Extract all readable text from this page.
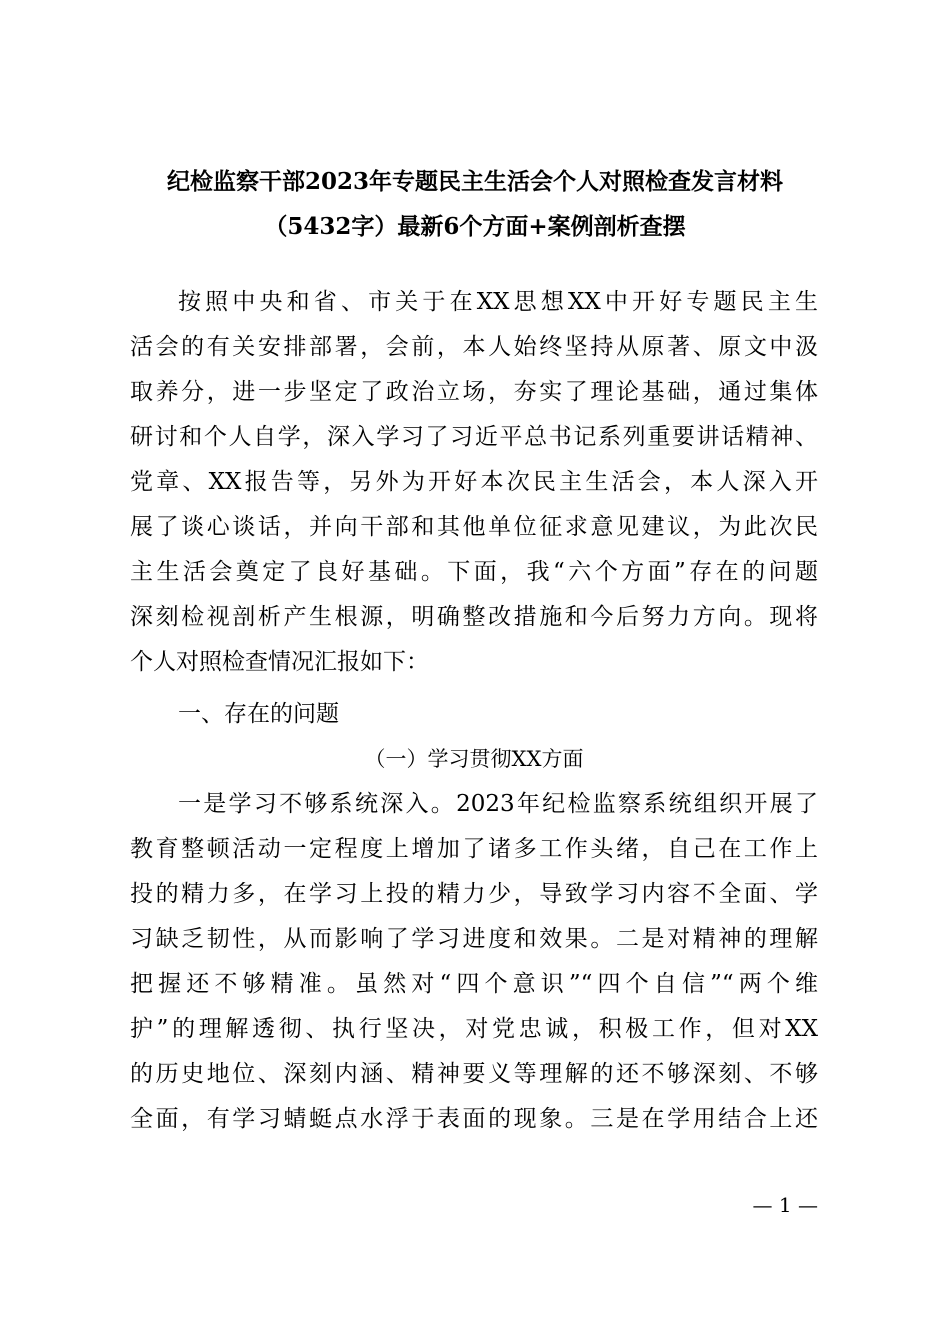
纪检监察干部2023年专题民主生活会个人对照检查发言材料
（5432字）最新6个方面+案例剖析查摆
按照中央和省、市关于在XX思想XX中开好专题民主生
活会的有关安排部署，会前，本人始终坚持从原著、原文中汲
取养分，进一步坚定了政治立场，夯实了理论基础，通过集体
研讨和个人自学，深入学习了习近平总书记系列重要讲话精神、
党章、XX报告等，另外为开好本次民主生活会，本人深入开
展了谈心谈话，并向干部和其他单位征求意见建议，为此次民
主生活会奠定了良好基础。下面，我“六个方面”存在的问题
深刻检视剖析产生根源，明确整改措施和今后努力方向。现将
个人对照检查情况汇报如下：
一、存在的问题
（一）学习贯彻XX方面
一是学习不够系统深入。2023年纪检监察系统组织开展了
教育整顿活动一定程度上增加了诸多工作头绪，自己在工作上
投的精力多，在学习上投的精力少，导致学习内容不全面、学
习缺乏韧性，从而影响了学习进度和效果。二是对精神的理解
把握还不够精准。虽然对“四个意识”“四个自信”“两个维
护”的理解透彻、执行坚决，对党忠诚，积极工作，但对XX
的历史地位、深刻内涵、精神要义等理解的还不够深刻、不够
全面，有学习蜻蜓点水浮于表面的现象。三是在学用结合上还
— 1 —
